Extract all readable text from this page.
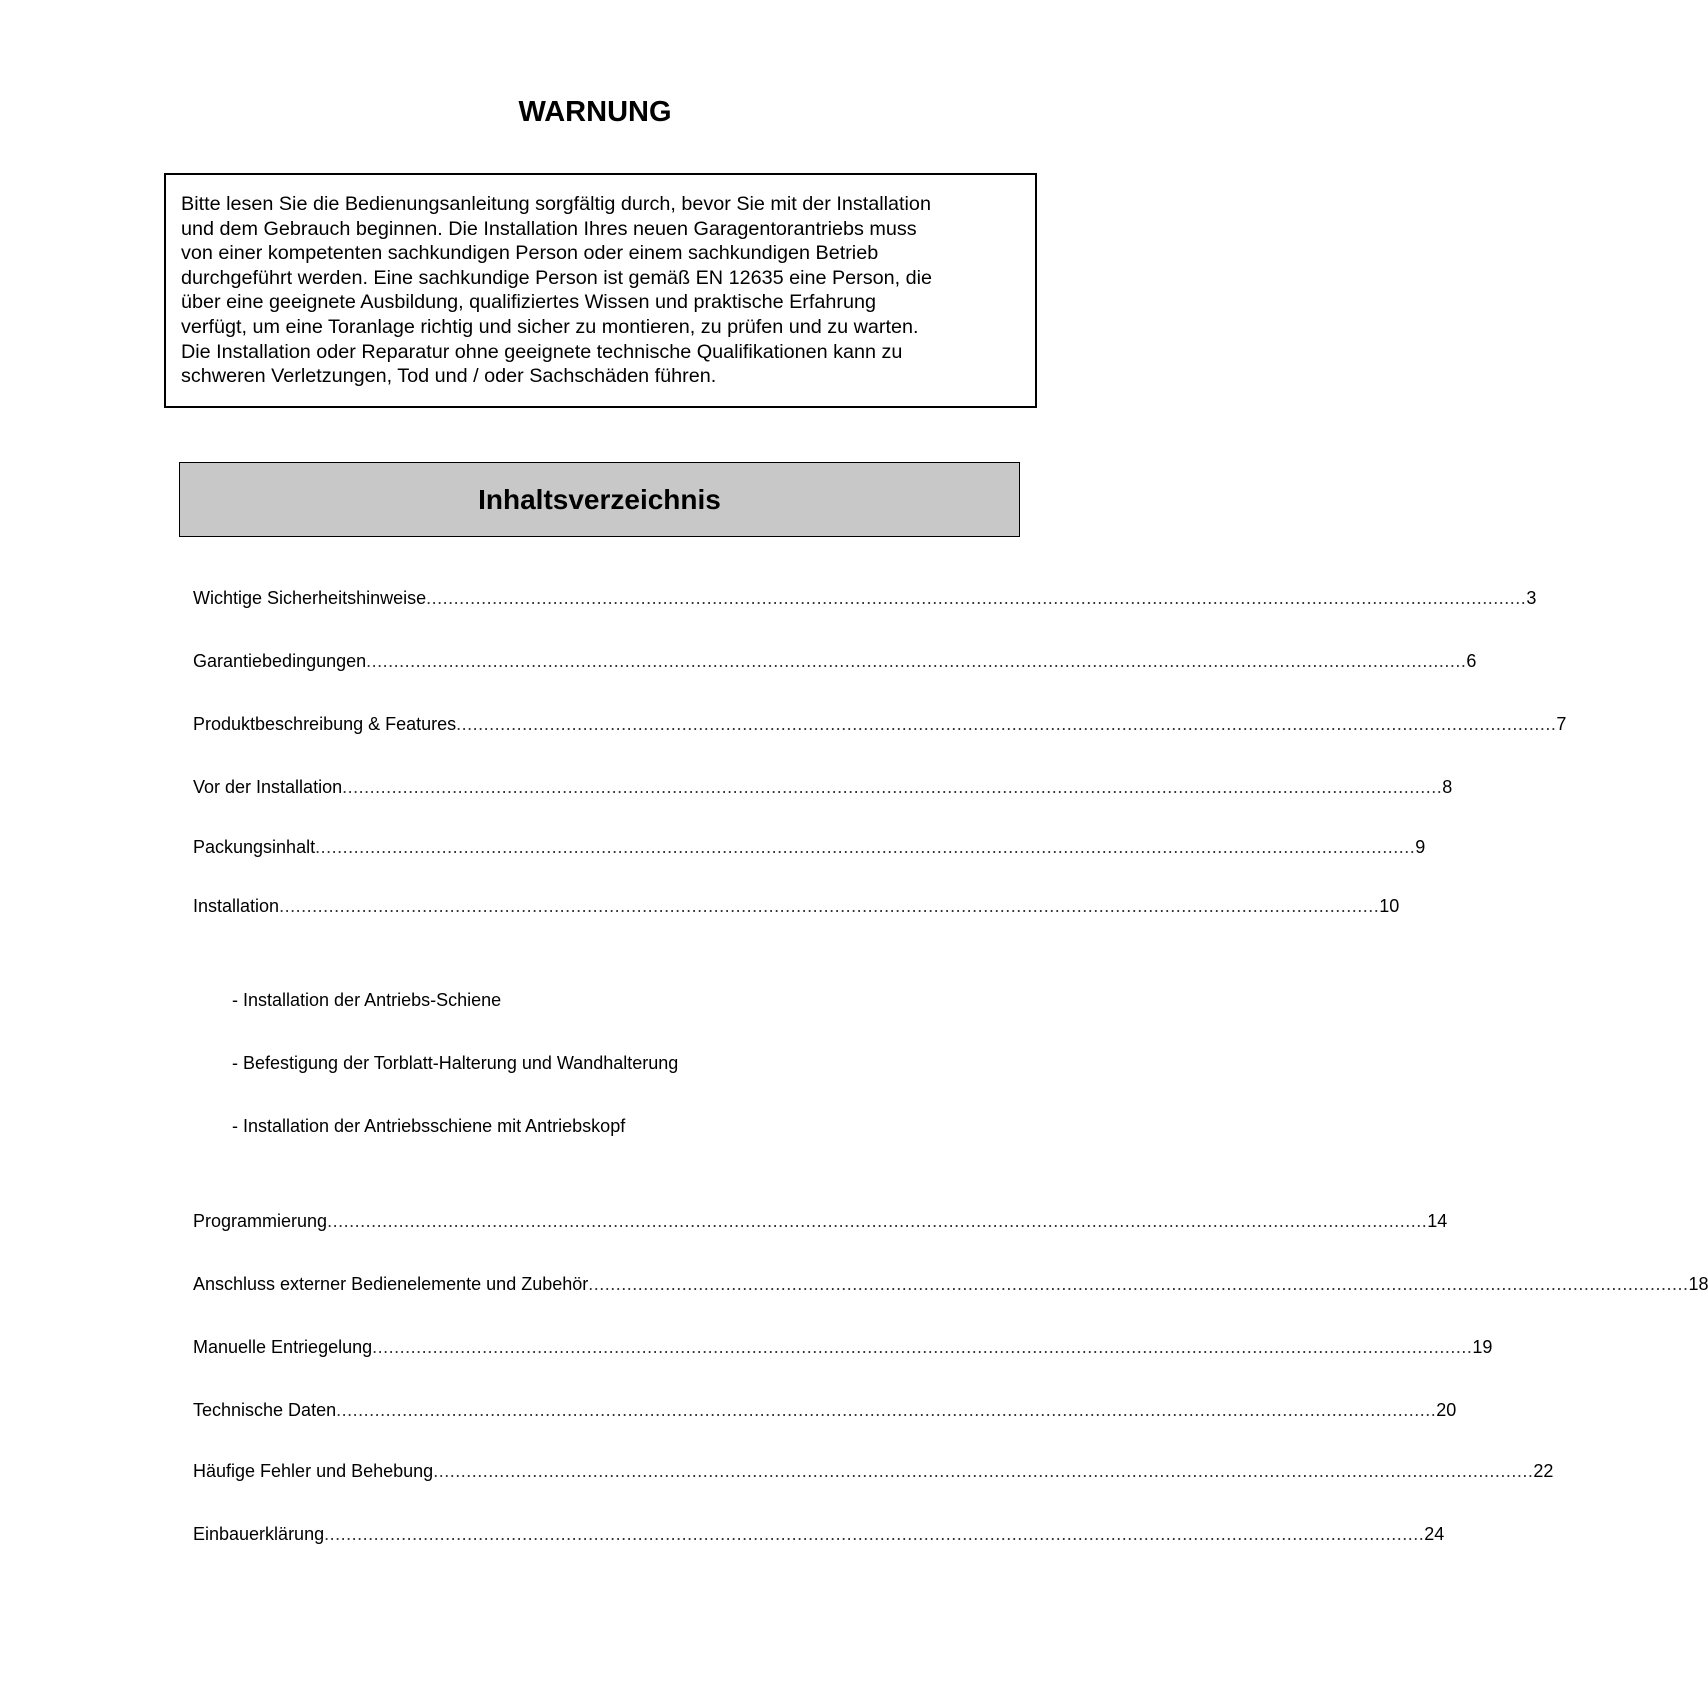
WARNUNG

Bitte lesen Sie die Bedienungsanleitung sorgfältig durch, bevor Sie mit der Installation
und dem Gebrauch beginnen. Die Installation Ihres neuen Garagentorantriebs muss
von einer kompetenten sachkundigen Person oder einem sachkundigen Betrieb
durchgeführt werden. Eine sachkundige Person ist gemäß EN 12635 eine Person, die
über eine geeignete Ausbildung, qualifiziertes Wissen und praktische Erfahrung
verfügt, um eine Toranlage richtig und sicher zu montieren, zu prüfen und zu warten.
Die Installation oder Reparatur ohne geeignete technische Qualifikationen kann zu
schweren Verletzungen, Tod und / oder Sachschäden führen.

Inhaltsverzeichnis
Wichtige Sicherheitshinweise ........................................................................................................................................................................................................ 3
Garantiebedingungen ........................................................................................................................................................................................................ 6
Produktbeschreibung & Features ........................................................................................................................................................................................................ 7
Vor der Installation ........................................................................................................................................................................................................ 8
Packungsinhalt ........................................................................................................................................................................................................ 9
Installation ........................................................................................................................................................................................................ 10
- Installation der Antriebs-Schiene
- Befestigung der Torblatt-Halterung und Wandhalterung
- Installation der Antriebsschiene mit Antriebskopf
Programmierung ........................................................................................................................................................................................................ 14
Anschluss externer Bedienelemente und Zubehör ........................................................................................................................................................................................................ 18
Manuelle Entriegelung ........................................................................................................................................................................................................ 19
Technische Daten ........................................................................................................................................................................................................ 20
Häufige Fehler und Behebung ........................................................................................................................................................................................................ 22
Einbauerklärung ........................................................................................................................................................................................................ 24
